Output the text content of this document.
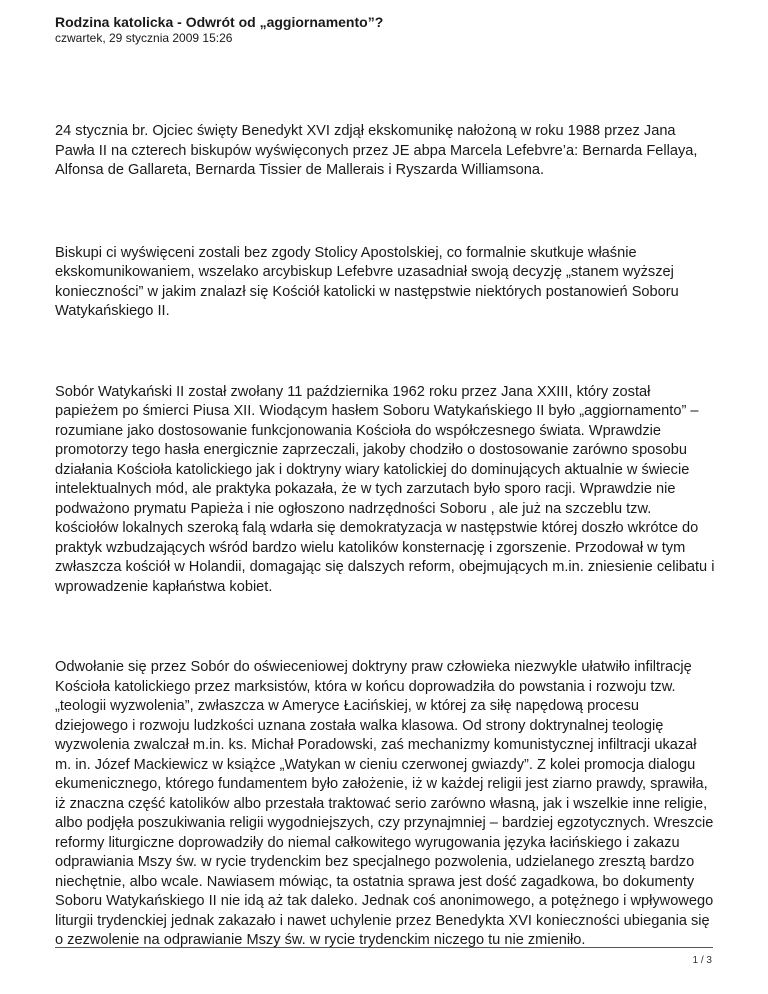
Rodzina katolicka - Odwrót od „aggiornamento”?

czwartek, 29 stycznia 2009 15:26

24 stycznia br. Ojciec święty Benedykt XVI zdjął ekskomunikę nałożoną w roku 1988 przez Jana Pawła II na czterech biskupów wyświęconych przez JE abpa Marcela Lefebvre’a: Bernarda Fellaya, Alfonsa de Gallareta, Bernarda Tissier de Mallerais i Ryszarda Williamsona.

Biskupi ci wyświęceni zostali bez zgody Stolicy Apostolskiej, co formalnie skutkuje właśnie ekskomunikowaniem, wszelako arcybiskup Lefebvre uzasadniał swoją decyzję „stanem wyższej konieczności” w jakim znalazł się Kościół katolicki w następstwie niektórych postanowień Soboru Watykańskiego II.

Sobór Watykański II został zwołany 11 października 1962 roku przez Jana XXIII, który został papieżem po śmierci Piusa XII. Wiodącym hasłem Soboru Watykańskiego II było „aggiornamento” – rozumiane jako dostosowanie funkcjonowania Kościoła do współczesnego świata. Wprawdzie promotorzy tego hasła energicznie zaprzeczali, jakoby chodziło o dostosowanie zarówno sposobu działania Kościoła katolickiego jak i doktryny wiary katolickiej do dominujących aktualnie w świecie intelektualnych mód, ale praktyka pokazała, że w tych zarzutach było sporo racji. Wprawdzie nie podważono prymatu Papieża i nie ogłoszono nadrzędności Soboru , ale już na szczeblu tzw. kościołów lokalnych szeroką falą wdarła się demokratyzacja w następstwie której doszło wkrótce do praktyk wzbudzających wśród bardzo wielu katolików konsternację i zgorszenie. Przodował w tym zwłaszcza kościół w Holandii, domagając się dalszych reform, obejmujących m.in. zniesienie celibatu i wprowadzenie kapłaństwa kobiet.

Odwołanie się przez Sobór do oświeceniowej doktryny praw człowieka niezwykle ułatwiło infiltrację Kościoła katolickiego przez marksistów, która w końcu doprowadziła do powstania i rozwoju tzw. „teologii wyzwolenia”, zwłaszcza w Ameryce Łacińskiej, w której za siłę napędową procesu dziejowego i rozwoju ludzkości uznana została walka klasowa. Od strony doktrynalnej teologię wyzwolenia zwalczał m.in. ks. Michał Poradowski, zaś mechanizmy komunistycznej infiltracji ukazał m. in. Józef Mackiewicz w książce „Watykan w cieniu czerwonej gwiazdy”. Z kolei promocja dialogu ekumenicznego, którego fundamentem było założenie, iż w każdej religii jest ziarno prawdy, sprawiła, iż znaczna część katolików albo przestała traktować serio zarówno własną, jak i wszelkie inne religie, albo podjęła poszukiwania religii wygodniejszych, czy przynajmniej – bardziej egzotycznych. Wreszcie reformy liturgiczne doprowadziły do niemal całkowitego wyrugowania języka łacińskiego i zakazu odprawiania Mszy św. w rycie trydenckim bez specjalnego pozwolenia, udzielanego zresztą bardzo niechętnie, albo wcale. Nawiasem mówiąc, ta ostatnia sprawa jest dość zagadkowa, bo dokumenty Soboru Watykańskiego II nie idą aż tak daleko. Jednak coś anonimowego, a potężnego i wpływowego liturgii trydenckiej jednak zakazało i nawet uchylenie przez Benedykta XVI konieczności ubiegania się o zezwolenie na odprawianie Mszy św. w rycie trydenckim niczego tu nie zmieniło.

1 / 3
